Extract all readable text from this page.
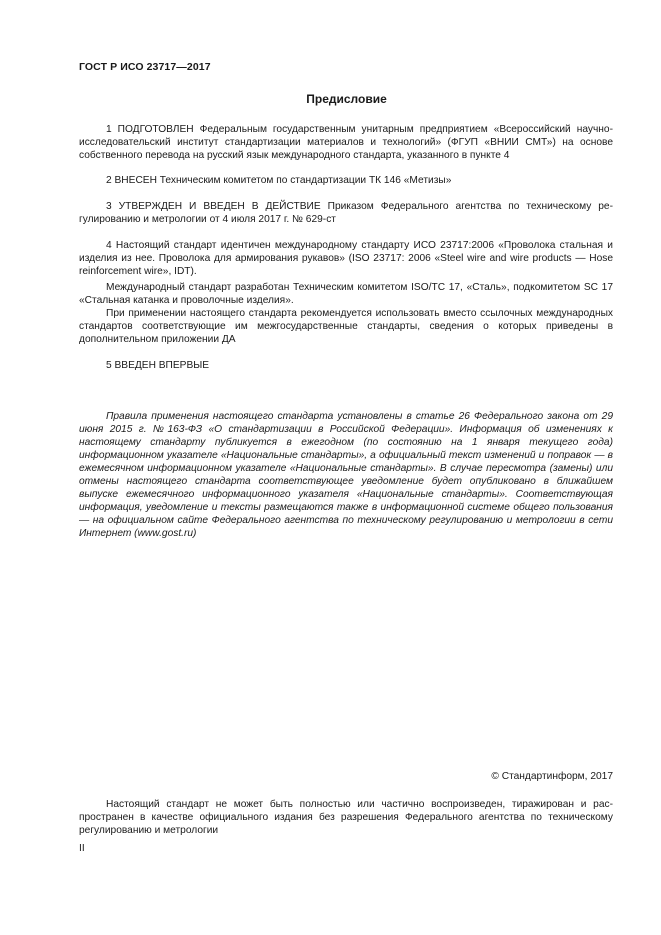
ГОСТ Р ИСО 23717—2017
Предисловие

1 ПОДГОТОВЛЕН Федеральным государственным унитарным предприятием «Всероссийский научно-исследовательский институт стандартизации материалов и технологий» (ФГУП «ВНИИ СМТ») на основе собственного перевода на русский язык международного стандарта, указанного в пункте 4

2 ВНЕСЕН Техническим комитетом по стандартизации ТК 146 «Метизы»

3 УТВЕРЖДЕН И ВВЕДЕН В ДЕЙСТВИЕ Приказом Федерального агентства по техническому регулированию и метрологии от 4 июля 2017 г. № 629-ст

4 Настоящий стандарт идентичен международному стандарту ИСО 23717:2006 «Проволока стальная и изделия из нее. Проволока для армирования рукавов» (ISO 23717: 2006 «Steel wire and wire products — Hose reinforcement wire», IDT).

Международный стандарт разработан Техническим комитетом ISO/TC 17, «Сталь», подкомитетом SC 17 «Стальная катанка и проволочные изделия».

При применении настоящего стандарта рекомендуется использовать вместо ссылочных международных стандартов соответствующие им межгосударственные стандарты, сведения о которых приведены в дополнительном приложении ДА

5 ВВЕДЕН ВПЕРВЫЕ

Правила применения настоящего стандарта установлены в статье 26 Федерального закона от 29 июня 2015 г. №163-ФЗ «О стандартизации в Российской Федерации». Информация об изменениях к настоящему стандарту публикуется в ежегодном (по состоянию на 1 января текущего года) информационном указателе «Национальные стандарты», а официальный текст изменений и поправок — в ежемесячном информационном указателе «Национальные стандарты». В случае пересмотра (замены) или отмены настоящего стандарта соответствующее уведомление будет опубликовано в ближайшем выпуске ежемесячного информационного указателя «Национальные стандарты». Соответствующая информация, уведомление и тексты размещаются также в информационной системе общего пользования — на официальном сайте Федерального агентства по техническому регулированию и метрологии в сети Интернет (www.gost.ru)

© Стандартинформ, 2017

Настоящий стандарт не может быть полностью или частично воспроизведен, тиражирован и распространен в качестве официального издания без разрешения Федерального агентства по техническому регулированию и метрологии

II
